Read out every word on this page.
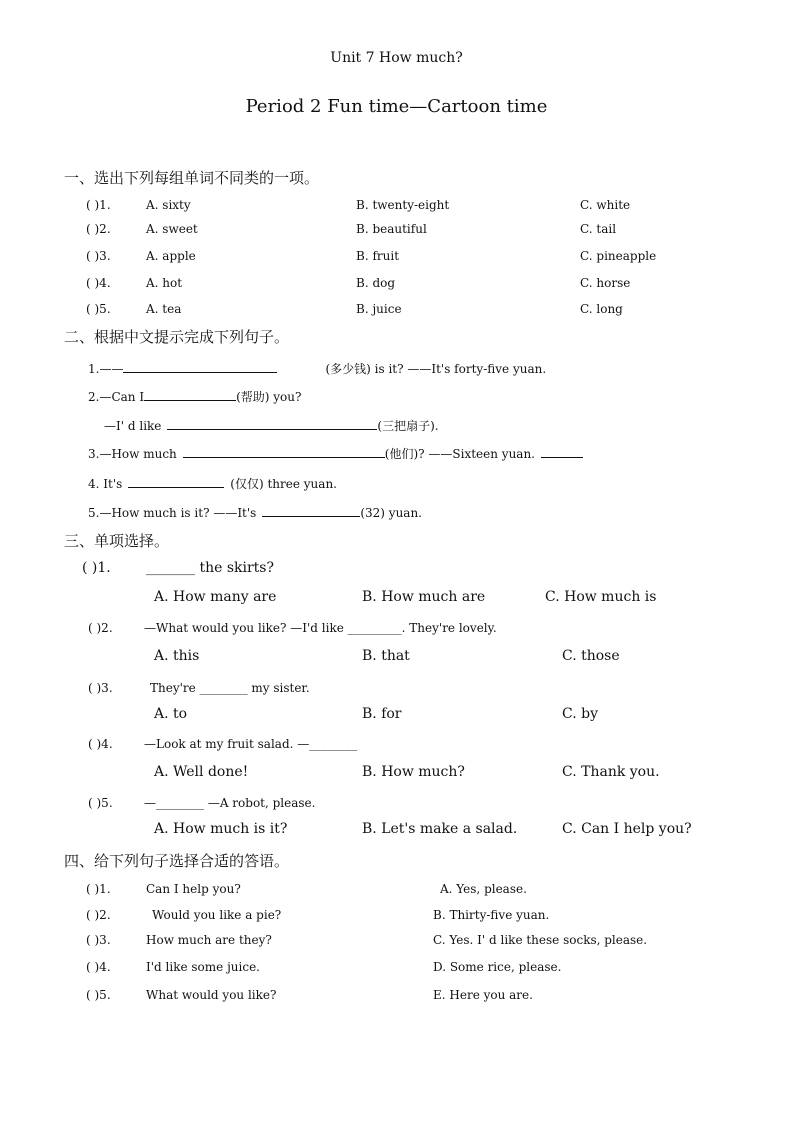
Unit 7 How much?
Period 2 Fun time—Cartoon time
一、选出下列每组单词不同类的一项。
( )1.	A. sixty	B. twenty-eight	C. white
( )2.	A. sweet	B. beautiful	C. tail
( )3.	A. apple	B. fruit	C. pineapple
( )4.	A. hot	B. dog	C. horse
( )5.	A. tea	B. juice	C. long
二、根据中文提示完成下列句子。
1.——	(多少钱) is it? ——It's forty-five yuan.
2.—Can I	(帮助) you?
—I' d like	(三把扇子).
3.—How much	(他们)? ——Sixteen yuan.
4. It's	(仅仅) three yuan.
5.—How much is it? ——It's	(32) yuan.
三、单项选择。
( )1.	_______ the skirts?
A. How many are	B. How much are	C. How much is
( )2.	—What would you like? —I'd like _________. They're lovely.
A. this	B. that	C. those
( )3.	They're ________ my sister.
A. to	B. for	C. by
( )4.	—Look at my fruit salad. —________
A. Well done!	B. How much?	C. Thank you.
( )5.	—________ —A robot, please.
A. How much is it?	B. Let's make a salad.	C. Can I help you?
四、给下列句子选择合适的答语。
( )1.	Can I help you?	A. Yes, please.
( )2.	Would you like a pie?	B. Thirty-five yuan.
( )3.	How much are they?	C. Yes. I' d like these socks, please.
( )4.	I'd like some juice.	D. Some rice, please.
( )5.	What would you like?	E. Here you are.
